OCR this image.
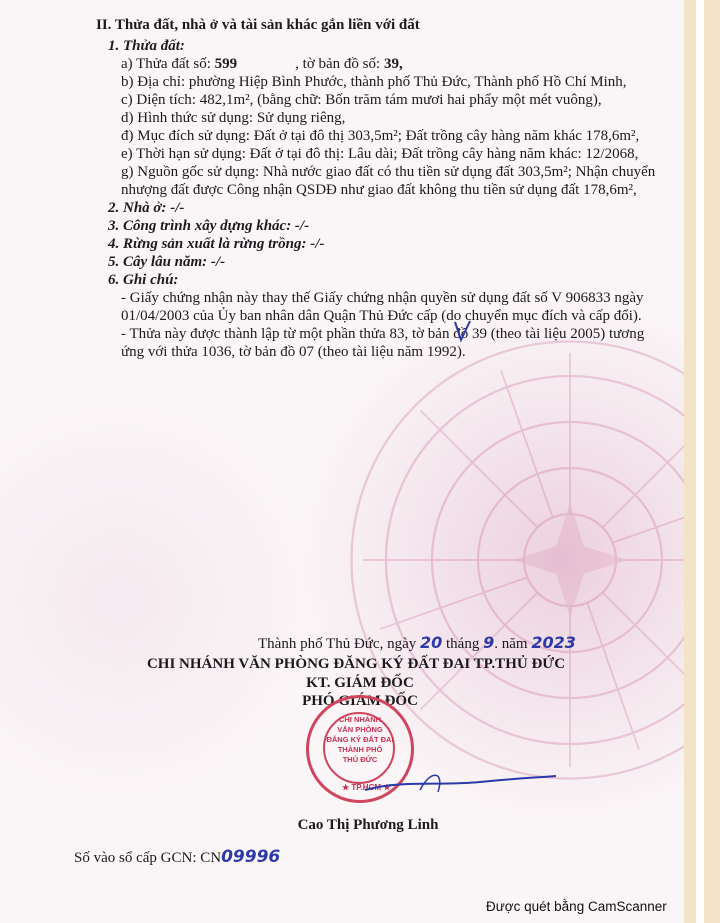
II. Thửa đất, nhà ở và tài sản khác gắn liền với đất
1. Thửa đất:
a) Thửa đất số: 599	, tờ bản đồ số: 39,
b) Địa chỉ: phường Hiệp Bình Phước, thành phố Thủ Đức, Thành phố Hồ Chí Minh,
c) Diện tích: 482,1m², (bằng chữ: Bốn trăm tám mươi hai phẩy một mét vuông),
d) Hình thức sử dụng: Sử dụng riêng,
đ) Mục đích sử dụng: Đất ở tại đô thị 303,5m²; Đất trồng cây hàng năm khác 178,6m²,
e) Thời hạn sử dụng: Đất ở tại đô thị: Lâu dài; Đất trồng cây hàng năm khác: 12/2068,
g) Nguồn gốc sử dụng: Nhà nước giao đất có thu tiền sử dụng đất 303,5m²; Nhận chuyển
nhượng đất được Công nhận QSDĐ như giao đất không thu tiền sử dụng đất 178,6m²,
2. Nhà ở: -/-
3. Công trình xây dựng khác: -/-
4. Rừng sản xuất là rừng trồng: -/-
5. Cây lâu năm: -/-
6. Ghi chú:
- Giấy chứng nhận này thay thế Giấy chứng nhận quyền sử dụng đất số V 906833 ngày
01/04/2003 của Ủy ban nhân dân Quận Thủ Đức cấp (do chuyển mục đích và cấp đổi).
- Thửa này được thành lập từ một phần thửa 83, tờ bản đồ 39 (theo tài liệu 2005) tương
ứng với thửa 1036, tờ bản đồ 07 (theo tài liệu năm 1992).
Thành phố Thủ Đức, ngày 20 tháng 9. năm 2023
CHI NHÁNH VĂN PHÒNG ĐĂNG KÝ ĐẤT ĐAI TP.THỦ ĐỨC
KT. GIÁM ĐỐC
PHÓ GIÁM ĐỐC
CHI NHÁNH
VĂN PHÒNG
ĐĂNG KÝ ĐẤT ĐAI
THÀNH PHỐ
THỦ ĐỨC
★ TP.HCM ★
Cao Thị Phương Linh
Số vào sổ cấp GCN: CN09996
Được quét bằng CamScanner
